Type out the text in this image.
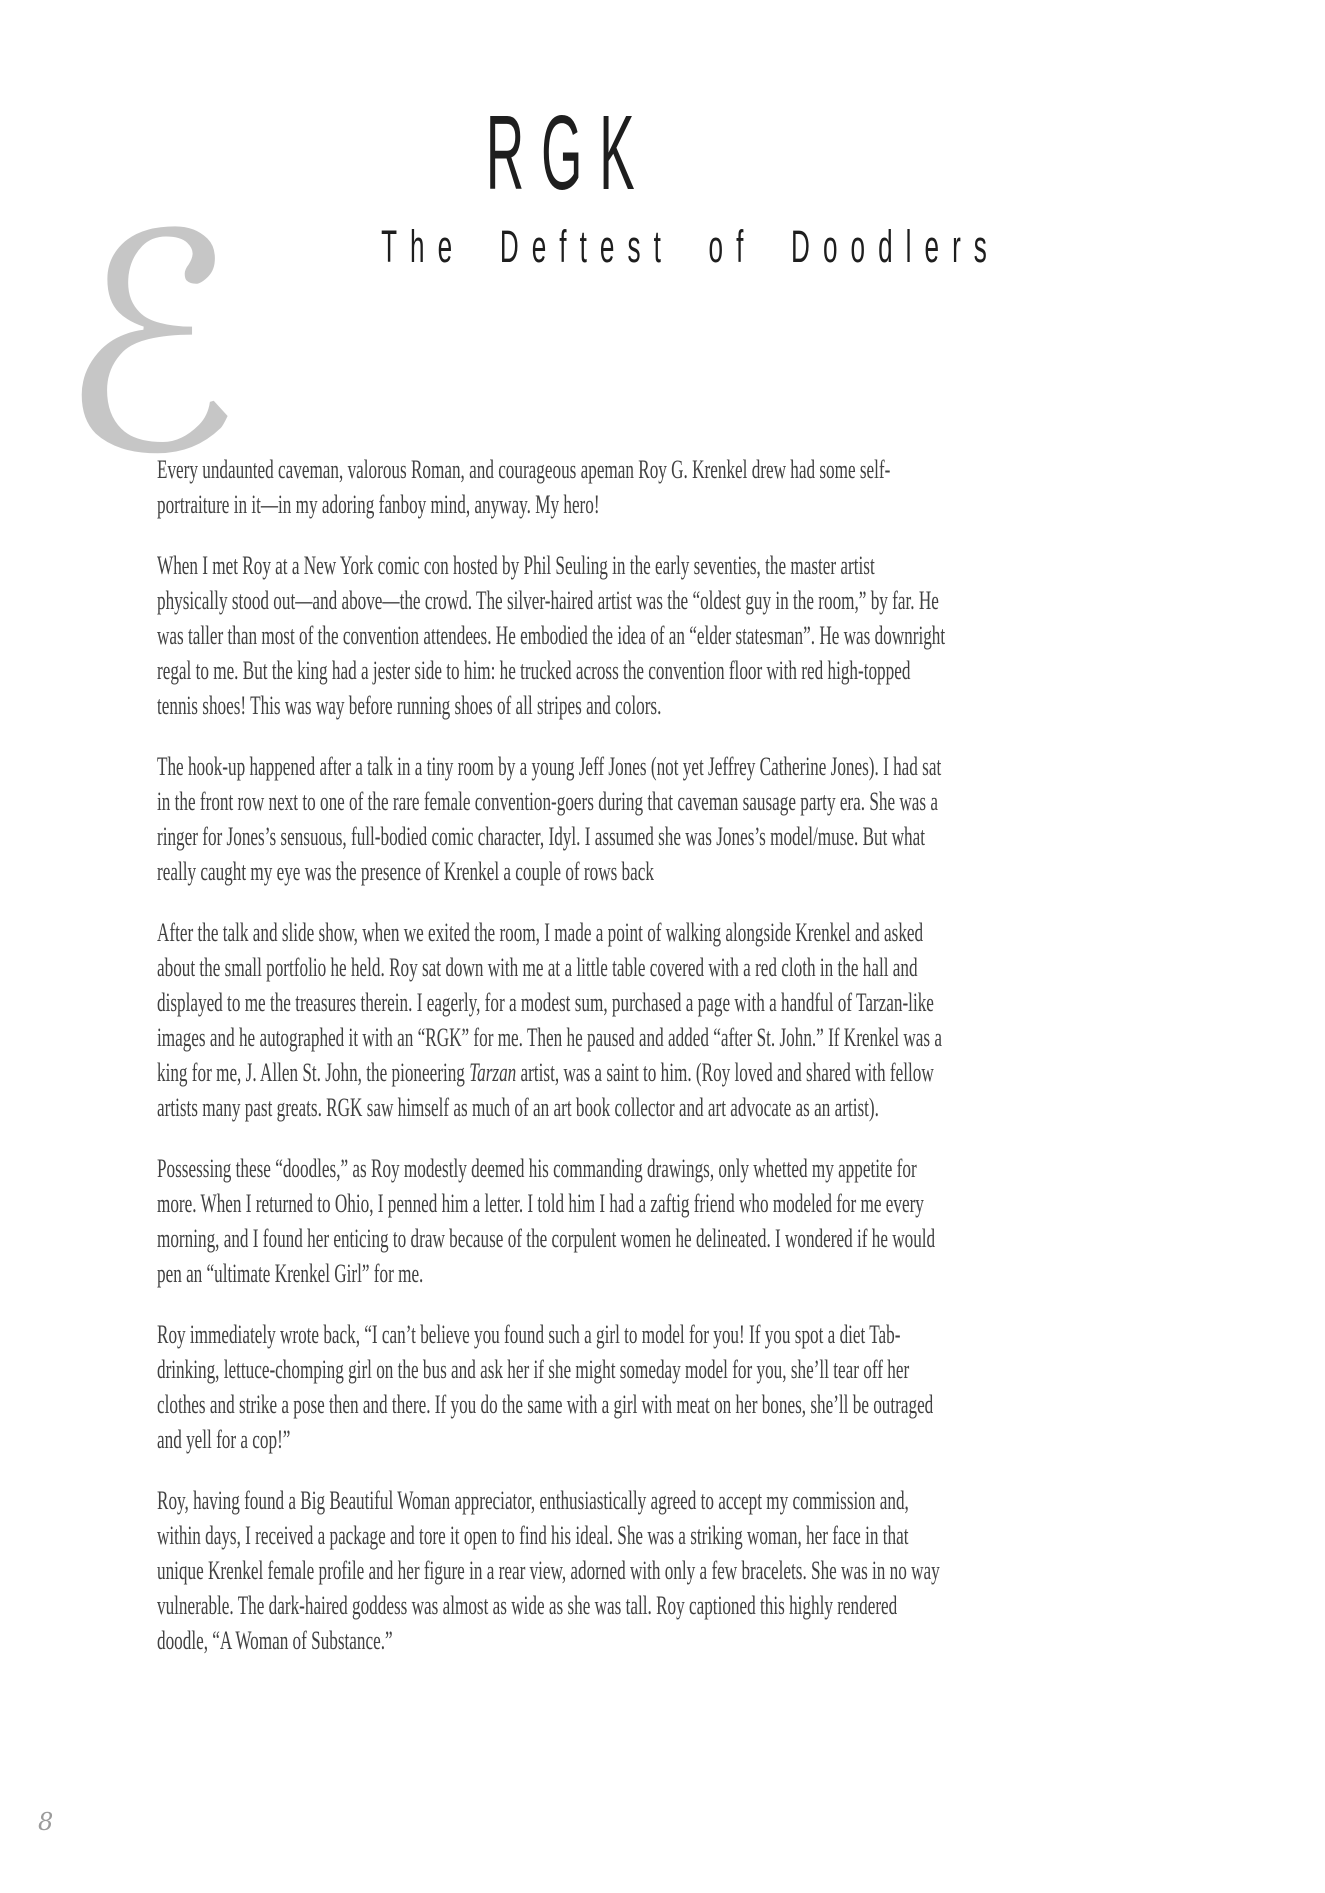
RGK
The Deftest of Doodlers
ℰ

Every undaunted caveman, valorous Roman, and courageous apeman Roy G. Krenkel drew had some self-portraiture in it—in my adoring fanboy mind, anyway. My hero!

When I met Roy at a New York comic con hosted by Phil Seuling in the early seventies, the master artist physically stood out—and above—the crowd. The silver-haired artist was the “oldest guy in the room,” by far. He was taller than most of the convention attendees. He embodied the idea of an “elder statesman”. He was downright regal to me. But the king had a jester side to him: he trucked across the convention floor with red high-topped tennis shoes! This was way before running shoes of all stripes and colors.

The hook-up happened after a talk in a tiny room by a young Jeff Jones (not yet Jeffrey Catherine Jones). I had sat in the front row next to one of the rare female convention-goers during that caveman sausage party era. She was a ringer for Jones’s sensuous, full-bodied comic character, Idyl. I assumed she was Jones’s model/muse. But what really caught my eye was the presence of Krenkel a couple of rows back

After the talk and slide show, when we exited the room, I made a point of walking alongside Krenkel and asked about the small portfolio he held. Roy sat down with me at a little table covered with a red cloth in the hall and displayed to me the treasures therein. I eagerly, for a modest sum, purchased a page with a handful of Tarzan-like images and he autographed it with an “RGK” for me. Then he paused and added “after St. John.” If Krenkel was a king for me, J. Allen St. John, the pioneering Tarzan artist, was a saint to him. (Roy loved and shared with fellow artists many past greats. RGK saw himself as much of an art book collector and art advocate as an artist).

Possessing these “doodles,” as Roy modestly deemed his commanding drawings, only whetted my appetite for more. When I returned to Ohio, I penned him a letter. I told him I had a zaftig friend who modeled for me every morning, and I found her enticing to draw because of the corpulent women he delineated. I wondered if he would pen an “ultimate Krenkel Girl” for me.

Roy immediately wrote back, “I can’t believe you found such a girl to model for you! If you spot a diet Tab-drinking, lettuce-chomping girl on the bus and ask her if she might someday model for you, she’ll tear off her clothes and strike a pose then and there. If you do the same with a girl with meat on her bones, she’ll be outraged and yell for a cop!”

Roy, having found a Big Beautiful Woman appreciator, enthusiastically agreed to accept my commission and, within days, I received a package and tore it open to find his ideal. She was a striking woman, her face in that unique Krenkel female profile and her figure in a rear view, adorned with only a few bracelets. She was in no way vulnerable. The dark-haired goddess was almost as wide as she was tall. Roy captioned this highly rendered doodle, “A Woman of Substance.”

8
